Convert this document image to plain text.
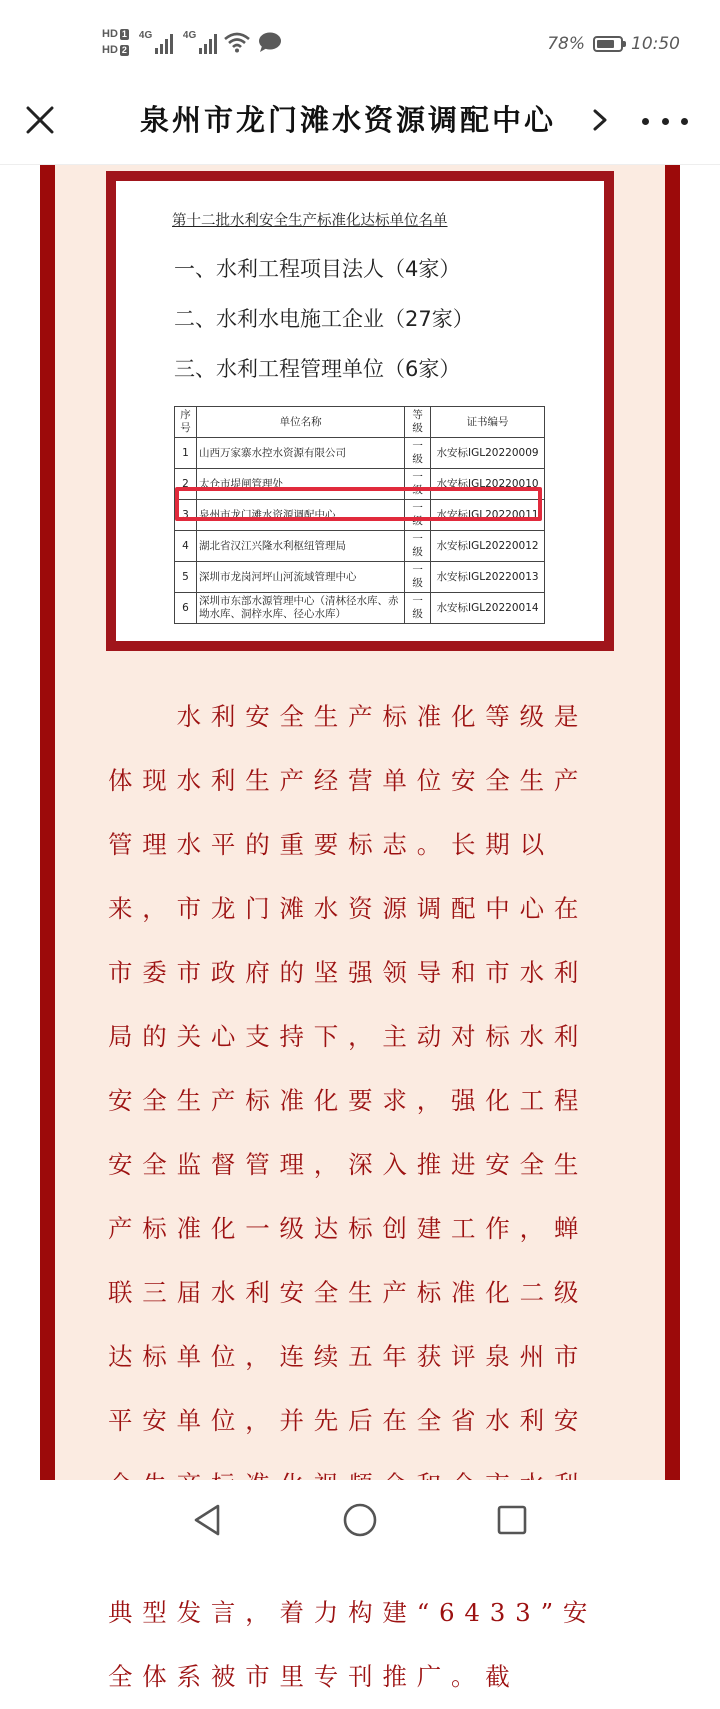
HD 1
HD 2
4G	4G	78%	10:50
泉州市龙门滩水资源调配中心
第十二批水利安全生产标准化达标单位名单
一、水利工程项目法人（4家）
二、水利水电施工企业（27家）
三、水利工程管理单位（6家）
序号	单位名称	等级	证书编号
1	山西万家寨水控水资源有限公司	一级	水安标IGL20220009
2	太仓市堤闸管理处	一级	水安标IGL20220010
3	泉州市龙门滩水资源调配中心	一级	水安标IGL20220011
4	湖北省汉江兴隆水利枢纽管理局	一级	水安标IGL20220012
5	深圳市龙岗河坪山河流域管理中心	一级	水安标IGL20220013
6	深圳市东部水源管理中心（清林径水库、赤坳水库、洞梓水库、径心水库）	一级	水安标IGL20220014
　　水利安全生产标准化等级是体现水利生产经营单位安全生产管理水平的重要标志。长期以来，市龙门滩水资源调配中心在市委市政府的坚强领导和市水利局的关心支持下，主动对标水利安全生产标准化要求，强化工程安全监督管理，深入推进安全生产标准化一级达标创建工作，蝉联三届水利安全生产标准化二级达标单位，连续五年获评泉州市平安单位，并先后在全省水利安 典型发言，着力构建“6433”安全体系被市里专刊推广。截
